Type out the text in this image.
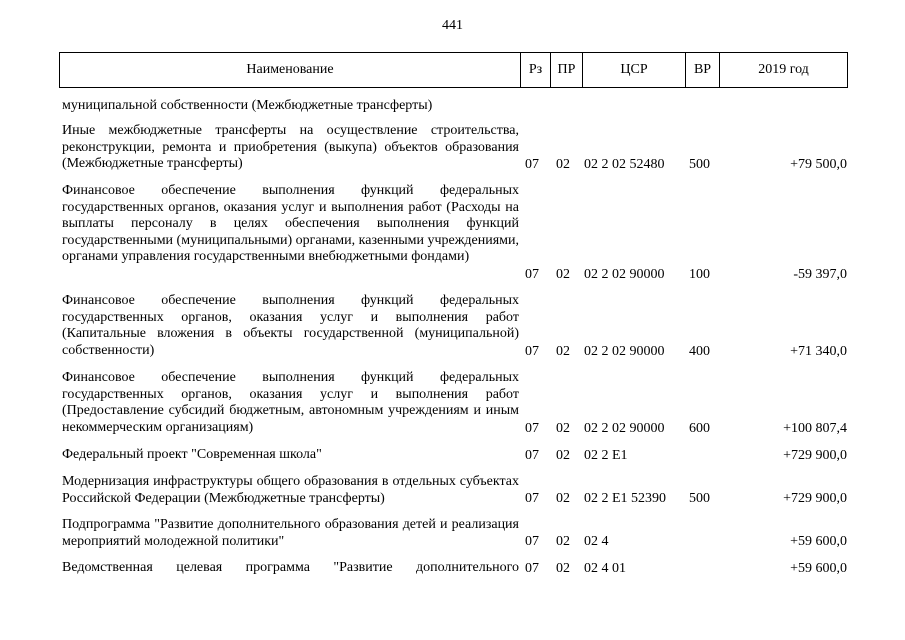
441
Наименование	Рз	ПР	ЦСР	ВР	2019 год
муниципальной собственности (Межбюджетные трансферты)
Иные межбюджетные трансферты на осуществление строительства, реконструкции, ремонта и приобретения (выкупа) объектов образования (Межбюджетные трансферты)	07 02 02 2 02 52480 500	+79 500,0
Финансовое обеспечение выполнения функций федеральных государственных органов, оказания услуг и выполнения работ (Расходы на выплаты персоналу в целях обеспечения выполнения функций государственными (муниципальными) органами, казенными учреждениями, органами управления государственными внебюджетными фондами)
07 02 02 2 02 90000 100	-59 397,0
Финансовое обеспечение выполнения функций федеральных государственных органов, оказания услуг и выполнения работ (Капитальные вложения в объекты государственной (муниципальной) собственности)	07 02 02 2 02 90000 400	+71 340,0
Финансовое обеспечение выполнения функций федеральных государственных органов, оказания услуг и выполнения работ (Предоставление субсидий бюджетным, автономным учреждениям и иным некоммерческим организациям)	07 02 02 2 02 90000 600	+100 807,4
Федеральный проект "Современная школа"	07 02 02 2 E1	+729 900,0
Модернизация инфраструктуры общего образования в отдельных субъектах Российской Федерации (Межбюджетные трансферты)	07 02 02 2 E1 52390 500	+729 900,0
Подпрограмма "Развитие дополнительного образования детей и реализация мероприятий молодежной политики"	07 02 02 4	+59 600,0
Ведомственная целевая программа "Развитие дополнительного 07 02 02 4 01	+59 600,0
